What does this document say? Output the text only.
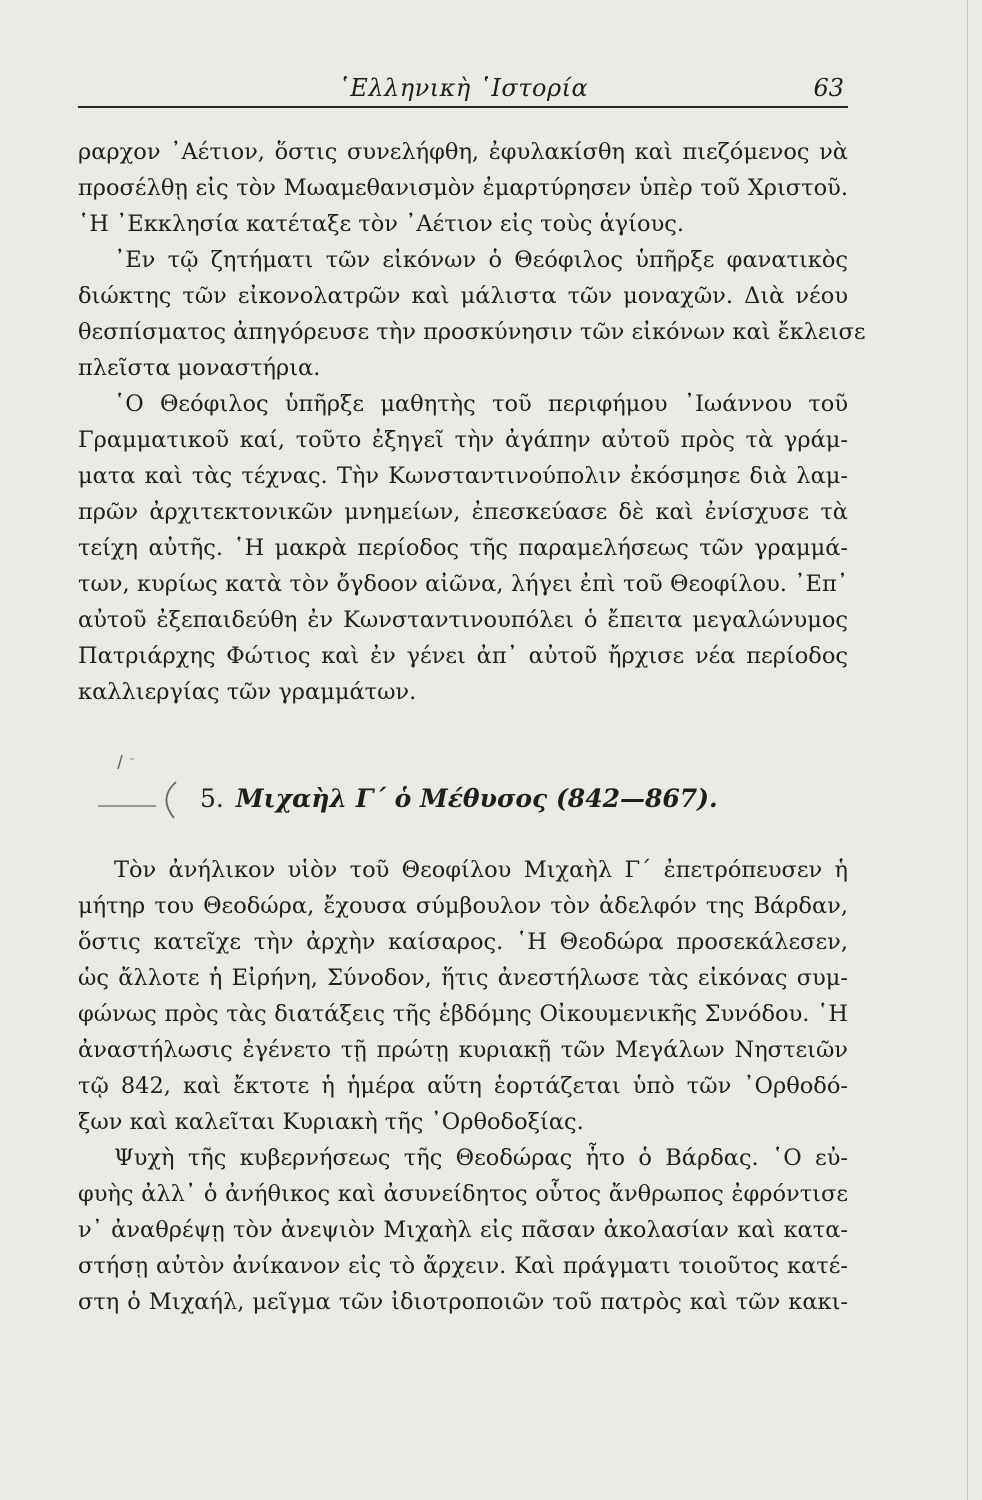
῾Ελληνικὴ ῾Ιστορία	63
ραρχον ᾿Αέτιον, ὅστις συνελήφθη, ἐφυλακίσθη καὶ πιεζόμενος νὰ
προσέλθῃ εἰς τὸν Μωαμεθανισμὸν ἐμαρτύρησεν ὑπὲρ τοῦ Χριστοῦ.
῾Η ᾿Εκκλησία κατέταξε τὸν ᾿Αέτιον εἰς τοὺς ἁγίους.
᾿Εν τῷ ζητήματι τῶν εἰκόνων ὁ Θεόφιλος ὑπῆρξε φανατικὸς
διώκτης τῶν εἰκονολατρῶν καὶ μάλιστα τῶν μοναχῶν. Διὰ νέου
θεσπίσματος ἀπηγόρευσε τὴν προσκύνησιν τῶν εἰκόνων καὶ ἔκλεισε
πλεῖστα μοναστήρια.
῾Ο Θεόφιλος ὑπῆρξε μαθητὴς τοῦ περιφήμου ᾿Ιωάννου τοῦ
Γραμματικοῦ καί, τοῦτο ἐξηγεῖ τὴν ἀγάπην αὐτοῦ πρὸς τὰ γράμ-
ματα καὶ τὰς τέχνας. Τὴν Κωνσταντινούπολιν ἐκόσμησε διὰ λαμ-
πρῶν ἀρχιτεκτονικῶν μνημείων, ἐπεσκεύασε δὲ καὶ ἐνίσχυσε τὰ
τείχη αὐτῆς. ῾Η μακρὰ περίοδος τῆς παραμελήσεως τῶν γραμμά-
των, κυρίως κατὰ τὸν ὄγδοον αἰῶνα, λήγει ἐπὶ τοῦ Θεοφίλου. ᾿Επ᾿
αὐτοῦ ἐξεπαιδεύθη ἐν Κωνσταντινουπόλει ὁ ἔπειτα μεγαλώνυμος
Πατριάρχης Φώτιος καὶ ἐν γένει ἀπ᾿ αὐτοῦ ἤρχισε νέα περίοδος
καλλιεργίας τῶν γραμμάτων.
5. Μιχαὴλ Γ΄ ὁ Μέθυσος (842—867).
Τὸν ἀνήλικον υἱὸν τοῦ Θεοφίλου Μιχαὴλ Γ΄ ἐπετρόπευσεν ἡ
μήτηρ του Θεοδώρα, ἔχουσα σύμβουλον τὸν ἀδελφόν της Βάρδαν,
ὅστις κατεῖχε τὴν ἀρχὴν καίσαρος. ῾Η Θεοδώρα προσεκάλεσεν,
ὡς ἄλλοτε ἡ Εἰρήνη, Σύνοδον, ἥτις ἀνεστήλωσε τὰς εἰκόνας συμ-
φώνως πρὸς τὰς διατάξεις τῆς ἑβδόμης Οἰκουμενικῆς Συνόδου. ῾Η
ἀναστήλωσις ἐγένετο τῇ πρώτῃ κυριακῇ τῶν Μεγάλων Νηστειῶν
τῷ 842, καὶ ἔκτοτε ἡ ἡμέρα αὕτη ἑορτάζεται ὑπὸ τῶν ᾿Ορθοδό-
ξων καὶ καλεῖται Κυριακὴ τῆς ᾿Ορθοδοξίας.
Ψυχὴ τῆς κυβερνήσεως τῆς Θεοδώρας ἦτο ὁ Βάρδας. ῾Ο εὐ-
φυὴς ἀλλ᾿ ὁ ἀνήθικος καὶ ἀσυνείδητος οὗτος ἄνθρωπος ἐφρόντισε
ν᾿ ἀναθρέψῃ τὸν ἀνεψιὸν Μιχαὴλ εἰς πᾶσαν ἀκολασίαν καὶ κατα-
στήσῃ αὐτὸν ἀνίκανον εἰς τὸ ἄρχειν. Καὶ πράγματι τοιοῦτος κατέ-
στη ὁ Μιχαήλ, μεῖγμα τῶν ἰδιοτροποιῶν τοῦ πατρὸς καὶ τῶν κακι-
